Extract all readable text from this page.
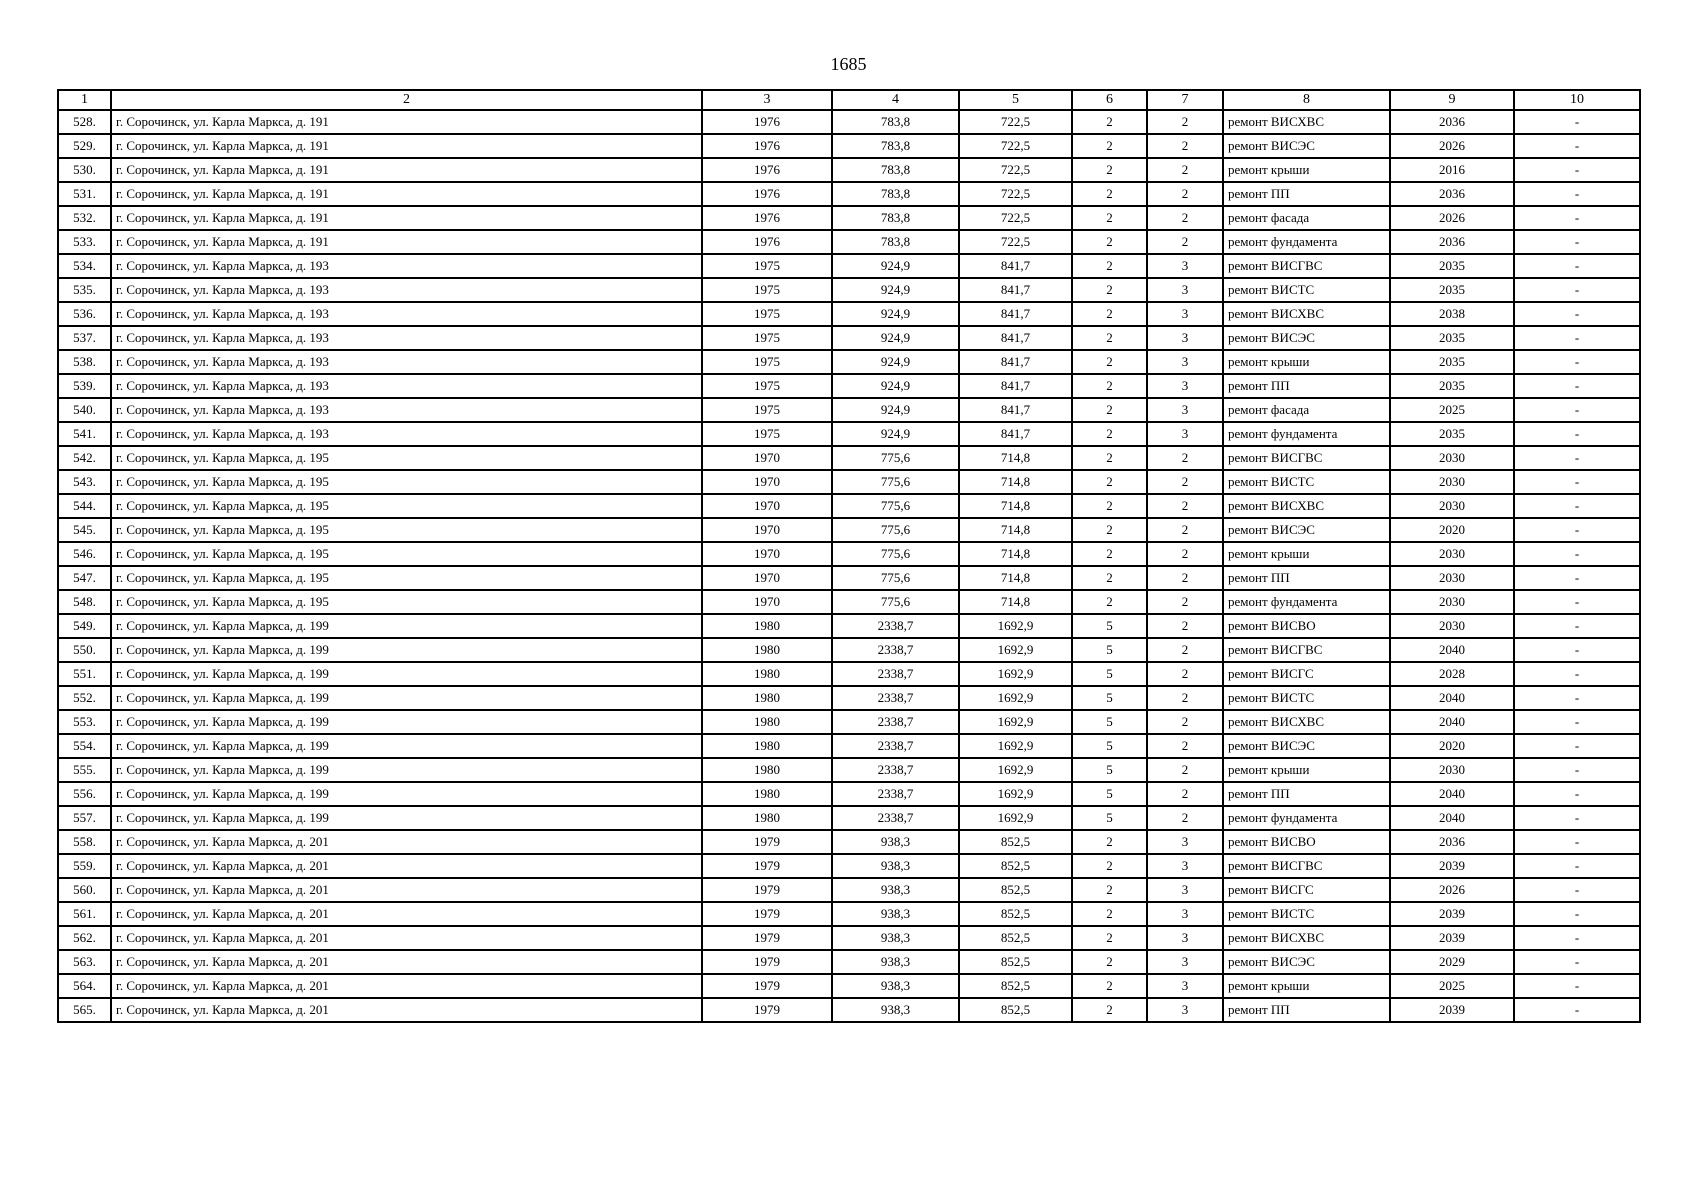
1685
1	2	3	4	5	6	7	8	9	10
528.	г. Сорочинск, ул. Карла Маркса, д. 191	1976	783,8	722,5	2	2	ремонт ВИСХВС	2036	-
529.	г. Сорочинск, ул. Карла Маркса, д. 191	1976	783,8	722,5	2	2	ремонт ВИСЭС	2026	-
530.	г. Сорочинск, ул. Карла Маркса, д. 191	1976	783,8	722,5	2	2	ремонт крыши	2016	-
531.	г. Сорочинск, ул. Карла Маркса, д. 191	1976	783,8	722,5	2	2	ремонт ПП	2036	-
532.	г. Сорочинск, ул. Карла Маркса, д. 191	1976	783,8	722,5	2	2	ремонт фасада	2026	-
533.	г. Сорочинск, ул. Карла Маркса, д. 191	1976	783,8	722,5	2	2	ремонт фундамента	2036	-
534.	г. Сорочинск, ул. Карла Маркса, д. 193	1975	924,9	841,7	2	3	ремонт ВИСГВС	2035	-
535.	г. Сорочинск, ул. Карла Маркса, д. 193	1975	924,9	841,7	2	3	ремонт ВИСТС	2035	-
536.	г. Сорочинск, ул. Карла Маркса, д. 193	1975	924,9	841,7	2	3	ремонт ВИСХВС	2038	-
537.	г. Сорочинск, ул. Карла Маркса, д. 193	1975	924,9	841,7	2	3	ремонт ВИСЭС	2035	-
538.	г. Сорочинск, ул. Карла Маркса, д. 193	1975	924,9	841,7	2	3	ремонт крыши	2035	-
539.	г. Сорочинск, ул. Карла Маркса, д. 193	1975	924,9	841,7	2	3	ремонт ПП	2035	-
540.	г. Сорочинск, ул. Карла Маркса, д. 193	1975	924,9	841,7	2	3	ремонт фасада	2025	-
541.	г. Сорочинск, ул. Карла Маркса, д. 193	1975	924,9	841,7	2	3	ремонт фундамента	2035	-
542.	г. Сорочинск, ул. Карла Маркса, д. 195	1970	775,6	714,8	2	2	ремонт ВИСГВС	2030	-
543.	г. Сорочинск, ул. Карла Маркса, д. 195	1970	775,6	714,8	2	2	ремонт ВИСТС	2030	-
544.	г. Сорочинск, ул. Карла Маркса, д. 195	1970	775,6	714,8	2	2	ремонт ВИСХВС	2030	-
545.	г. Сорочинск, ул. Карла Маркса, д. 195	1970	775,6	714,8	2	2	ремонт ВИСЭС	2020	-
546.	г. Сорочинск, ул. Карла Маркса, д. 195	1970	775,6	714,8	2	2	ремонт крыши	2030	-
547.	г. Сорочинск, ул. Карла Маркса, д. 195	1970	775,6	714,8	2	2	ремонт ПП	2030	-
548.	г. Сорочинск, ул. Карла Маркса, д. 195	1970	775,6	714,8	2	2	ремонт фундамента	2030	-
549.	г. Сорочинск, ул. Карла Маркса, д. 199	1980	2338,7	1692,9	5	2	ремонт ВИСВО	2030	-
550.	г. Сорочинск, ул. Карла Маркса, д. 199	1980	2338,7	1692,9	5	2	ремонт ВИСГВС	2040	-
551.	г. Сорочинск, ул. Карла Маркса, д. 199	1980	2338,7	1692,9	5	2	ремонт ВИСГС	2028	-
552.	г. Сорочинск, ул. Карла Маркса, д. 199	1980	2338,7	1692,9	5	2	ремонт ВИСТС	2040	-
553.	г. Сорочинск, ул. Карла Маркса, д. 199	1980	2338,7	1692,9	5	2	ремонт ВИСХВС	2040	-
554.	г. Сорочинск, ул. Карла Маркса, д. 199	1980	2338,7	1692,9	5	2	ремонт ВИСЭС	2020	-
555.	г. Сорочинск, ул. Карла Маркса, д. 199	1980	2338,7	1692,9	5	2	ремонт крыши	2030	-
556.	г. Сорочинск, ул. Карла Маркса, д. 199	1980	2338,7	1692,9	5	2	ремонт ПП	2040	-
557.	г. Сорочинск, ул. Карла Маркса, д. 199	1980	2338,7	1692,9	5	2	ремонт фундамента	2040	-
558.	г. Сорочинск, ул. Карла Маркса, д. 201	1979	938,3	852,5	2	3	ремонт ВИСВО	2036	-
559.	г. Сорочинск, ул. Карла Маркса, д. 201	1979	938,3	852,5	2	3	ремонт ВИСГВС	2039	-
560.	г. Сорочинск, ул. Карла Маркса, д. 201	1979	938,3	852,5	2	3	ремонт ВИСГС	2026	-
561.	г. Сорочинск, ул. Карла Маркса, д. 201	1979	938,3	852,5	2	3	ремонт ВИСТС	2039	-
562.	г. Сорочинск, ул. Карла Маркса, д. 201	1979	938,3	852,5	2	3	ремонт ВИСХВС	2039	-
563.	г. Сорочинск, ул. Карла Маркса, д. 201	1979	938,3	852,5	2	3	ремонт ВИСЭС	2029	-
564.	г. Сорочинск, ул. Карла Маркса, д. 201	1979	938,3	852,5	2	3	ремонт крыши	2025	-
565.	г. Сорочинск, ул. Карла Маркса, д. 201	1979	938,3	852,5	2	3	ремонт ПП	2039	-
